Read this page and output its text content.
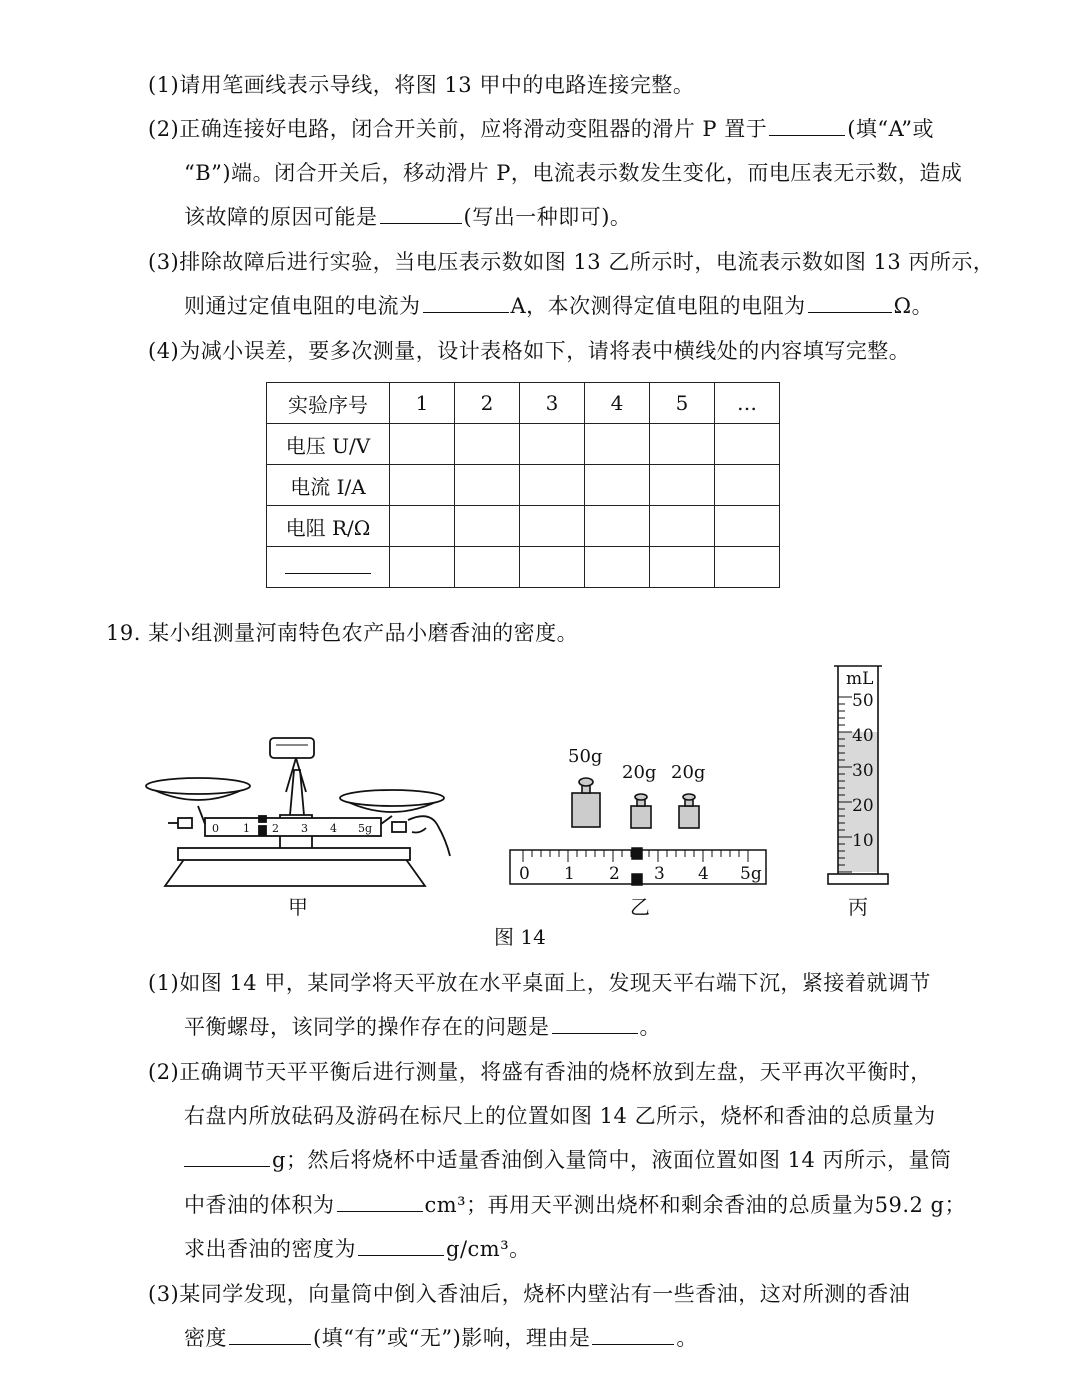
(1)请用笔画线表示导线，将图 13 甲中的电路连接完整。
(2)正确连接好电路，闭合开关前，应将滑动变阻器的滑片 P 置于	(填“A”或
“B”)端。闭合开关后，移动滑片 P，电流表示数发生变化，而电压表无示数，造成
该故障的原因可能是	(写出一种即可)。
(3)排除故障后进行实验，当电压表示数如图 13 乙所示时，电流表示数如图 13 丙所示，
则通过定值电阻的电流为	A，本次测得定值电阻的电阻为	Ω。
(4)为减小误差，要多次测量，设计表格如下，请将表中横线处的内容填写完整。
实验序号	1	2	3	4	5	…
电压 U/V						
电流 I/A						
电阻 R/Ω						

19. 某小组测量河南特色农产品小磨香油的密度。
0 1 2 3 4 5g
50g
20g 20g
0 1 2 3 4 5g
mL
50
40
30
20
10
甲	乙	丙
图 14
(1)如图 14 甲，某同学将天平放在水平桌面上，发现天平右端下沉，紧接着就调节
平衡螺母，该同学的操作存在的问题是	。
(2)正确调节天平平衡后进行测量，将盛有香油的烧杯放到左盘，天平再次平衡时，
右盘内所放砝码及游码在标尺上的位置如图 14 乙所示，烧杯和香油的总质量为
g；然后将烧杯中适量香油倒入量筒中，液面位置如图 14 丙所示，量筒
中香油的体积为	cm³；再用天平测出烧杯和剩余香油的总质量为59.2 g；
求出香油的密度为	g/cm³。
(3)某同学发现，向量筒中倒入香油后，烧杯内壁沾有一些香油，这对所测的香油
密度	(填“有”或“无”)影响，理由是	。
